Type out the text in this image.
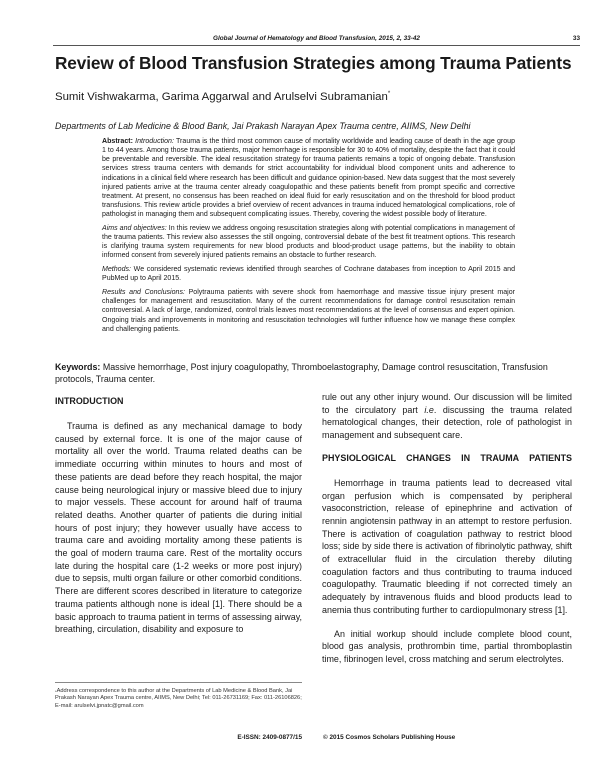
Global Journal of Hematology and Blood Transfusion, 2015, 2, 33-42	33
Review of Blood Transfusion Strategies among Trauma Patients
Sumit Vishwakarma, Garima Aggarwal and Arulselvi Subramanian*
Departments of Lab Medicine & Blood Bank, Jai Prakash Narayan Apex Trauma centre, AIIMS, New Delhi

Abstract: Introduction: Trauma is the third most common cause of mortality worldwide and leading cause of death in the age group 1 to 44 years. Among those trauma patients, major hemorrhage is responsible for 30 to 40% of mortality, despite the fact that it could be preventable and reversible. The ideal resuscitation strategy for trauma patients remains a topic of ongoing debate. Transfusion services stress trauma centers with demands for strict accountability for individual blood component units and adherence to indications in a clinical field where research has been difficult and guidance opinion-based. New data suggest that the most severely injured patients arrive at the trauma center already coagulopathic and these patients benefit from prompt specific and corrective treatment. At present, no consensus has been reached on ideal fluid for early resuscitation and on the threshold for blood product transfusions. This review article provides a brief overview of recent advances in trauma induced hematological complications, role of pathologist in managing them and subsequent complicating issues. Thereby, covering the widest possible body of literature.

Aims and objectives: In this review we address ongoing resuscitation strategies along with potential complications in management of the trauma patients. This review also assesses the still ongoing, controversial debate of the best fit treatment options. This research is clarifying trauma system requirements for new blood products and blood-product usage patterns, but the inability to obtain informed consent from severely injured patients remains an obstacle to further research.

Methods: We considered systematic reviews identified through searches of Cochrane databases from inception to April 2015 and PubMed up to April 2015.

Results and Conclusions: Polytrauma patients with severe shock from haemorrhage and massive tissue injury present major challenges for management and resuscitation. Many of the current recommendations for damage control resuscitation remain controversial. A lack of large, randomized, control trials leaves most recommendations at the level of consensus and expert opinion. Ongoing trials and improvements in monitoring and resuscitation technologies will further influence how we manage these complex and challenging patients.

Keywords: Massive hemorrhage, Post injury coagulopathy, Thromboelastography, Damage control resuscitation, Transfusion protocols, Trauma center.
INTRODUCTION

Trauma is defined as any mechanical damage to body caused by external force. It is one of the major cause of mortality all over the world. Trauma related deaths can be immediate occurring within minutes to hours and most of these patients are dead before they reach hospital, the major cause being neurological injury or massive bleed due to injury to major vessels. These account for around half of trauma related deaths. Another quarter of patients die during initial hours of post injury; they however usually have access to trauma care and avoiding mortality among these patients is the goal of modern trauma care. Rest of the mortality occurs late during the hospital care (1-2 weeks or more post injury) due to sepsis, multi organ failure or other comorbid conditions. There are different scores described in literature to categorize trauma patients although none is ideal [1]. There should be a basic approach to trauma patient in terms of assessing airway, breathing, circulation, disability and exposure to

rule out any other injury wound. Our discussion will be limited to the circulatory part i.e. discussing the trauma related hematological changes, their detection, role of pathologist in management and subsequent care.

PHYSIOLOGICAL CHANGES IN TRAUMA PATIENTS

Hemorrhage in trauma patients lead to decreased vital organ perfusion which is compensated by peripheral vasoconstriction, release of epinephrine and activation of rennin angiotensin pathway in an attempt to restore perfusion. There is activation of coagulation pathway to restrict blood loss; side by side there is activation of fibrinolytic pathway, shift of extracellular fluid in the circulation thereby diluting coagulation factors and thus contributing to trauma induced coagulopathy. Traumatic bleeding if not corrected timely an adequately by intravenous fluids and blood products lead to anemia thus contributing further to cardiopulmonary stress [1].

An initial workup should include complete blood count, blood gas analysis, prothrombin time, partial thromboplastin time, fibrinogen level, cross matching and serum electrolytes.

*Address correspondence to this author at the Departments of Lab Medicine & Blood Bank, Jai Prakash Narayan Apex Trauma centre, AIIMS, New Delhi; Tel: 011-26731169; Fax: 011-26106826; E-mail: arulselvi.jpnatc@gmail.com
E-ISSN: 2409-0877/15	© 2015 Cosmos Scholars Publishing House
